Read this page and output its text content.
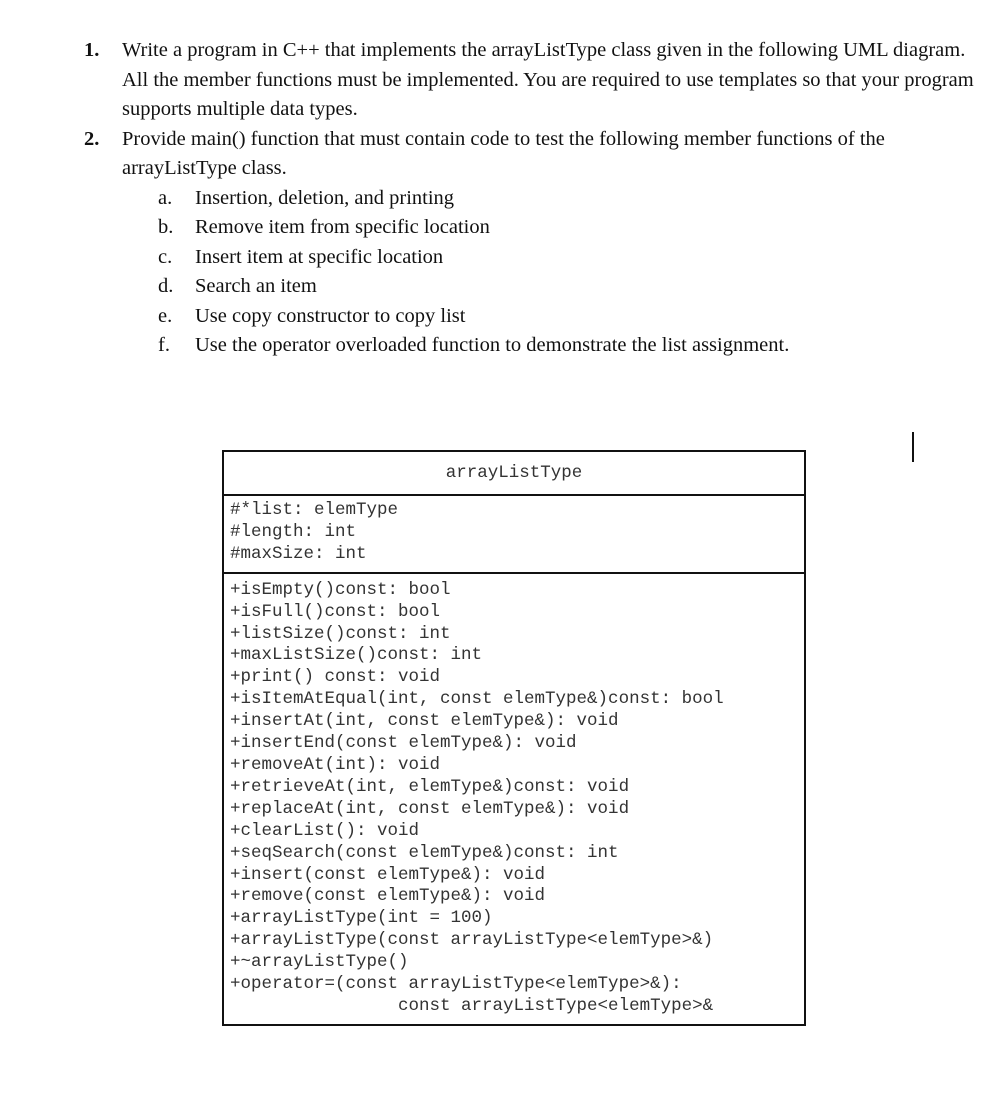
1.	Write a program in C++ that implements the arrayListType class given in the following UML diagram. All the member functions must be implemented. You are required to use templates so that your program supports multiple data types.
2.	Provide main() function that must contain code to test the following member functions of the arrayListType class.
a.	Insertion, deletion, and printing
b.	Remove item from specific location
c.	Insert item at specific location
d.	Search an item
e.	Use copy constructor to copy list
f.	Use the operator overloaded function to demonstrate the list assignment.
arrayListType
#*list: elemType
#length: int
#maxSize: int
+isEmpty()const: bool
+isFull()const: bool
+listSize()const: int
+maxListSize()const: int
+print() const: void
+isItemAtEqual(int, const elemType&)const: bool
+insertAt(int, const elemType&): void
+insertEnd(const elemType&): void
+removeAt(int): void
+retrieveAt(int, elemType&)const: void
+replaceAt(int, const elemType&): void
+clearList(): void
+seqSearch(const elemType&)const: int
+insert(const elemType&): void
+remove(const elemType&): void
+arrayListType(int = 100)
+arrayListType(const arrayListType<elemType>&)
+~arrayListType()
+operator=(const arrayListType<elemType>&):
const arrayListType<elemType>&
